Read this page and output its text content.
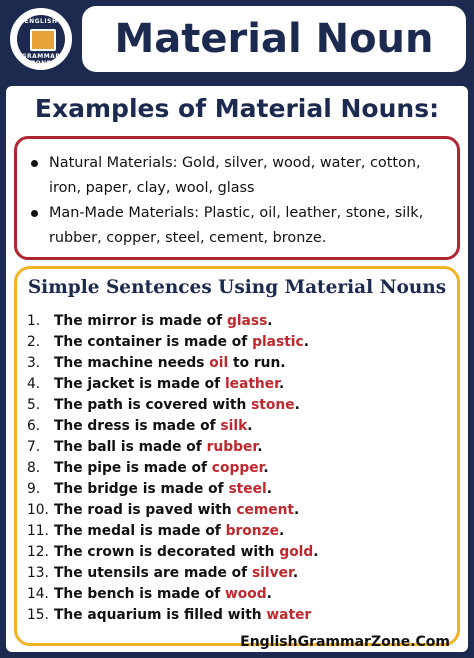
ENGLISH
GRAMMAR ZONE
Material Noun
Examples of Material Nouns:
Natural Materials: Gold, silver, wood, water, cotton, iron, paper, clay, wool, glass
Man-Made Materials: Plastic, oil, leather, stone, silk, rubber, copper, steel, cement, bronze.
Simple Sentences Using Material Nouns
1. The mirror is made of glass.
2. The container is made of plastic.
3. The machine needs oil to run.
4. The jacket is made of leather.
5. The path is covered with stone.
6. The dress is made of silk.
7. The ball is made of rubber.
8. The pipe is made of copper.
9. The bridge is made of steel.
10. The road is paved with cement.
11. The medal is made of bronze.
12. The crown is decorated with gold.
13. The utensils are made of silver.
14. The bench is made of wood.
15. The aquarium is filled with water
EnglishGrammarZone.Com
